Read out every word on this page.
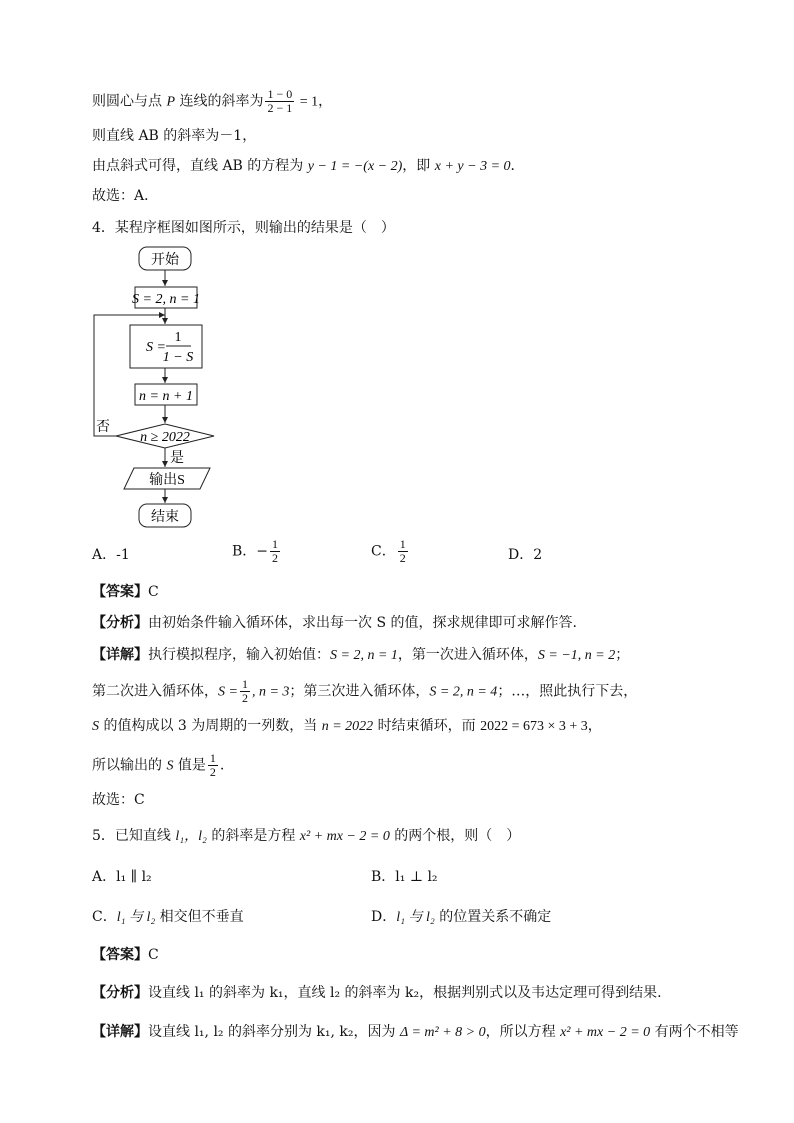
则圆心与点 P 连线的斜率为 $\frac{1 - 0}{2 - 1} = 1$，
则直线 AB 的斜率为－1，
由点斜式可得，直线 AB 的方程为 y − 1 = −(x − 2)，即 x + y − 3 = 0．
故选：A．
4．某程序框图如图所示，则输出的结果是（　）
开始
S = 2, n = 1
S =
1
1 − S
n = n + 1
n ≥ 2022
否
是
输出S
结束
A．-1	B．− $\frac{1}{2}$	C． $\frac{1}{2}$	D．2
【答案】C
【分析】由初始条件输入循环体，求出每一次 S 的值，探求规律即可求解作答.
【详解】执行模拟程序，输入初始值：S = 2, n = 1，第一次进入循环体，S = −1, n = 2；
第二次进入循环体，$S = \frac{1}{2}$ , n = 3；第三次进入循环体，S = 2, n = 4；…，照此执行下去，
S 的值构成以 3 为周期的一列数，当 n = 2022 时结束循环，而 2022 = 673 × 3 + 3，
所以输出的 S 值是 $\frac{1}{2}$ .
故选：C
5．已知直线 l₁，l₂ 的斜率是方程 x² + mx − 2 = 0 的两个根，则（　）
A．l₁ ∥ l₂	B．l₁ ⊥ l₂
C．l₁ 与 l₂ 相交但不垂直	D．l₁ 与 l₂ 的位置关系不确定
【答案】C
【分析】设直线 l₁ 的斜率为 k₁，直线 l₂ 的斜率为 k₂，根据判别式以及韦达定理可得到结果.
【详解】设直线 l₁, l₂ 的斜率分别为 k₁, k₂，因为 Δ = m² + 8 > 0，所以方程 x² + mx − 2 = 0 有两个不相等
